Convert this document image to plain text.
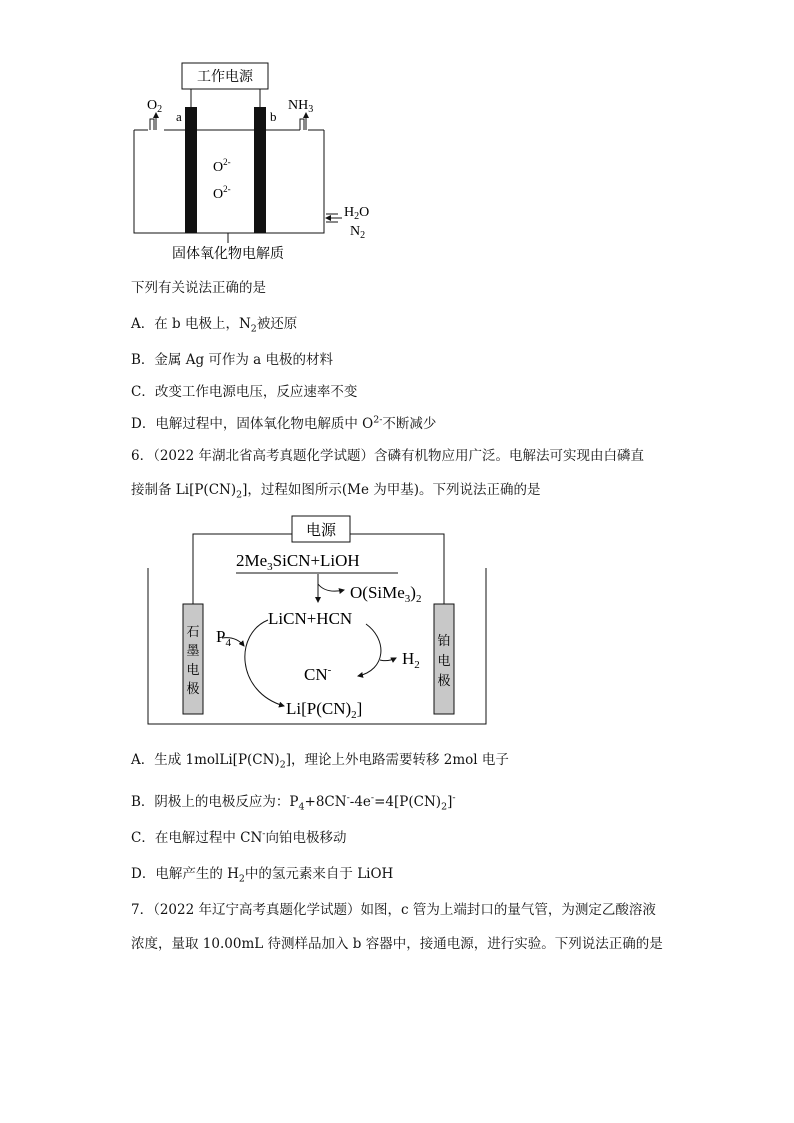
工作电源
a	b
$O_2$	$NH_3$
$O^{2-}$
$O^{2-}$
$H_2O$
$N_2$
固体氧化物电解质
下列有关说法正确的是
A．在 b 电极上，$N_2$被还原
B．金属 Ag 可作为 a 电极的材料
C．改变工作电源电压，反应速率不变
D．电解过程中，固体氧化物电解质中 $O^{2-}$不断减少
6．（2022 年湖北省高考真题化学试题）含磷有机物应用广泛。电解法可实现由白磷直
接制备 $Li[P(CN)_2]$，过程如图所示(Me 为甲基)。下列说法正确的是
电源
石
墨
电
极
铂
电
极
$2Me_3SiCN+LiOH$
$O(SiMe_3)_2$
LiCN+HCN
$P_4$
$H_2$
CN-
$Li[P(CN)_2]$
A．生成 $1molLi[P(CN)_2]$，理论上外电路需要转移 2mol 电子
B．阴极上的电极反应为：$P_4+8CN^--4e^-=4[P(CN)_2]^-$
C．在电解过程中 CN-向铂电极移动
D．电解产生的 $H_2$中的氢元素来自于 LiOH
7．（2022 年辽宁高考真题化学试题）如图，c 管为上端封口的量气管，为测定乙酸溶液
浓度，量取 10.00mL 待测样品加入 b 容器中，接通电源，进行实验。下列说法正确的是
